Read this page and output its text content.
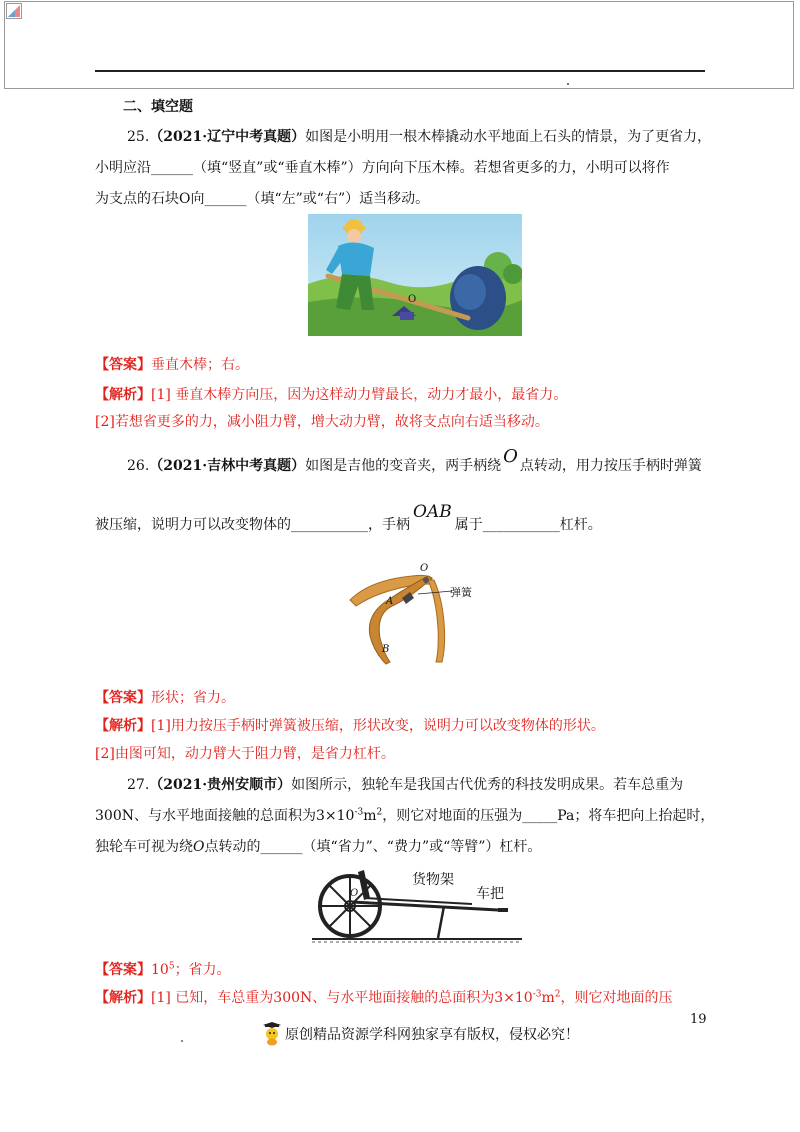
二、填空题
25.（2021·辽宁中考真题）如图是小明用一根木棒撬动水平地面上石头的情景，为了更省力，
小明应沿______（填“竖直”或“垂直木棒”）方向向下压木棒。若想省更多的力，小明可以将作
为支点的石块O向______（填“左”或“右”）适当移动。
O
【答案】垂直木棒；右。
【解析】[1] 垂直木棒方向压，因为这样动力臂最长，动力才最小，最省力。
[2]若想省更多的力，减小阻力臂，增大动力臂，故将支点向右适当移动。
26.（2021·吉林中考真题）如图是吉他的变音夹，两手柄绕 O 点转动，用力按压手柄时弹簧
被压缩，说明力可以改变物体的___________，手柄OAB属于___________杠杆。
O
A
B
弹簧
【答案】形状；省力。
【解析】[1]用力按压手柄时弹簧被压缩，形状改变，说明力可以改变物体的形状。
[2]由图可知，动力臂大于阻力臂，是省力杠杆。
27.（2021·贵州安顺市）如图所示，独轮车是我国古代优秀的科技发明成果。若车总重为
300N、与水平地面接触的总面积为$3\times 10^{-3}m^2$，则它对地面的压强为_____Pa；将车把向上抬起时，
独轮车可视为绕O点转动的______（填“省力”、“费力”或“等臂”）杠杆。
O
货物架
车把
【答案】$10^5$；省力。
【解析】[1] 已知，车总重为300N、与水平地面接触的总面积为$3\times 10^{-3}m^2$，则它对地面的压
19
原创精品资源学科网独家享有版权，侵权必究！
